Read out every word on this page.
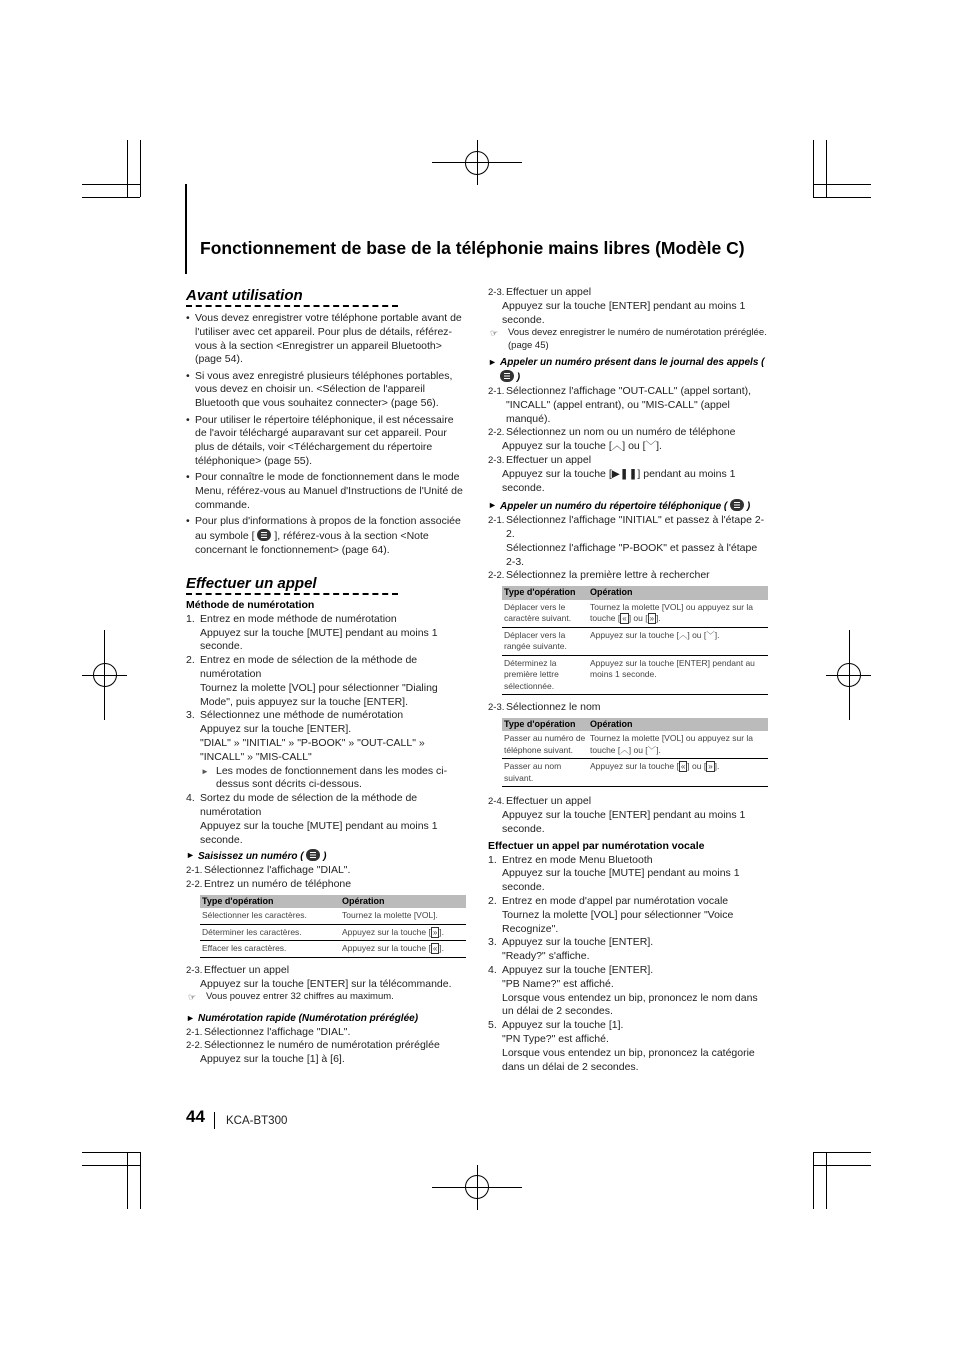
Fonctionnement de base de la téléphonie mains libres (Modèle C)
Avant utilisation
• Vous devez enregistrer votre téléphone portable avant de l'utiliser avec cet appareil. Pour plus de détails, référez-vous à la section <Enregistrer un appareil Bluetooth> (page 54).
• Si vous avez enregistré plusieurs téléphones portables, vous devez en choisir un. <Sélection de l'appareil Bluetooth que vous souhaitez connecter> (page 56).
• Pour utiliser le répertoire téléphonique, il est nécessaire de l'avoir téléchargé auparavant sur cet appareil. Pour plus de détails, voir <Téléchargement du répertoire téléphonique> (page 55).
• Pour connaître le mode de fonctionnement dans le mode Menu, référez-vous au Manuel d'Instructions de l'Unité de commande.
• Pour plus d'informations à propos de la fonction associée au symbole [ ], référez-vous à la section <Note concernant le fonctionnement> (page 64).
Effectuer un appel
Méthode de numérotation
1. Entrez en mode méthode de numérotation
Appuyez sur la touche [MUTE] pendant au moins 1 seconde.
2. Entrez en mode de sélection de la méthode de numérotation
Tournez la molette [VOL] pour sélectionner "Dialing Mode", puis appuyez sur la touche [ENTER].
3. Sélectionnez une méthode de numérotation
Appuyez sur la touche [ENTER].
"DIAL" » "INITIAL" » "P-BOOK" » "OUT-CALL" » "INCALL" » "MIS-CALL"
► Les modes de fonctionnement dans les modes ci-dessus sont décrits ci-dessous.
4. Sortez du mode de sélection de la méthode de numérotation
Appuyez sur la touche [MUTE] pendant au moins 1 seconde.
► Saisissez un numéro ( )
2-1. Sélectionnez l'affichage "DIAL".
2-2. Entrez un numéro de téléphone
Type d'opération	Opération
Sélectionner les caractères.	Tournez la molette [VOL].
Déterminer les caractères.	Appuyez sur la touche [ » ].
Effacer les caractères.	Appuyez sur la touche [ « ].
2-3. Effectuer un appel
Appuyez sur la touche [ENTER] sur la télécommande.
☞ Vous pouvez entrer 32 chiffres au maximum.
► Numérotation rapide (Numérotation préréglée)
2-1. Sélectionnez l'affichage "DIAL".
2-2. Sélectionnez le numéro de numérotation préréglée
Appuyez sur la touche [1] à [6].
2-3. Effectuer un appel
Appuyez sur la touche [ENTER] pendant au moins 1 seconde.
☞ Vous devez enregistrer le numéro de numérotation préréglée. (page 45)
► Appeler un numéro présent dans le journal des appels (  )
2-1. Sélectionnez l'affichage "OUT-CALL" (appel sortant), "INCALL" (appel entrant), ou "MIS-CALL" (appel manqué).
2-2. Sélectionnez un nom ou un numéro de téléphone
Appuyez sur la touche [︿] ou [﹀].
2-3. Effectuer un appel
Appuyez sur la touche [▶❚❚] pendant au moins 1 seconde.
► Appeler un numéro du répertoire téléphonique ( )
2-1. Sélectionnez l'affichage "INITIAL" et passez à l'étape 2-2.
Sélectionnez l'affichage "P-BOOK" et passez à l'étape 2-3.
2-2. Sélectionnez la première lettre à rechercher
Type d'opération	Opération
Déplacer vers le caractère suivant.	Tournez la molette [VOL] ou appuyez sur la touche [ « ] ou [ » ].
Déplacer vers la rangée suivante.	Appuyez sur la touche [︿] ou [﹀].
Déterminez la première lettre sélectionnée.	Appuyez sur la touche [ENTER] pendant au moins 1 seconde.
2-3. Sélectionnez le nom
Type d'opération	Opération
Passer au numéro de téléphone suivant.	Tournez la molette [VOL] ou appuyez sur la touche [︿] ou [﹀].
Passer au nom suivant.	Appuyez sur la touche [ « ] ou [ » ].
2-4. Effectuer un appel
Appuyez sur la touche [ENTER] pendant au moins 1 seconde.
Effectuer un appel par numérotation vocale
1. Entrez en mode Menu Bluetooth
Appuyez sur la touche [MUTE] pendant au moins 1 seconde.
2. Entrez en mode d'appel par numérotation vocale
Tournez la molette [VOL] pour sélectionner "Voice Recognize".
3. Appuyez sur la touche [ENTER].
"Ready?" s'affiche.
4. Appuyez sur la touche [ENTER].
"PB Name?" est affiché.
Lorsque vous entendez un bip, prononcez le nom dans un délai de 2 secondes.
5. Appuyez sur la touche [1].
"PN Type?" est affiché.
Lorsque vous entendez un bip, prononcez la catégorie dans un délai de 2 secondes.
44 KCA-BT300
